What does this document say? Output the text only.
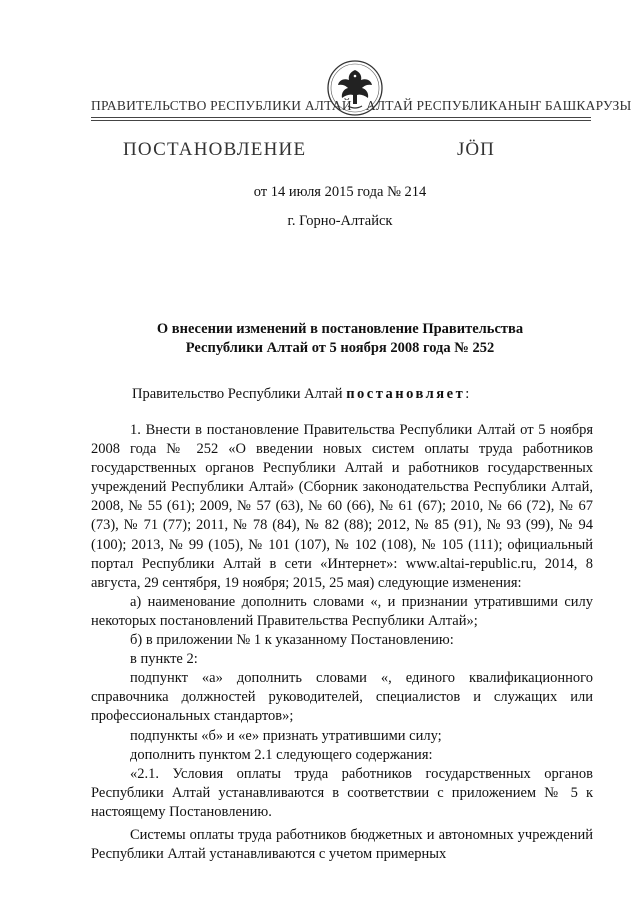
ПРАВИТЕЛЬСТВО РЕСПУБЛИКИ АЛТАЙ АЛТАЙ РЕСПУБЛИКАНЫҤ БАШКАРУЗЫ
ПОСТАНОВЛЕНИЕ	JÖП
от 14 июля 2015 года № 214
г. Горно-Алтайск
О внесении изменений в постановление Правительства
Республики Алтай от 5 ноября 2008 года № 252
Правительство Республики Алтай постановляет:

1. Внести в постановление Правительства Республики Алтай от 5 ноября 2008 года № 252 «О введении новых систем оплаты труда работников государственных органов Республики Алтай и работников государственных учреждений Республики Алтай» (Сборник законодательства Республики Алтай, 2008, № 55 (61); 2009, № 57 (63), № 60 (66), № 61 (67); 2010, № 66 (72), № 67 (73), № 71 (77); 2011, № 78 (84), № 82 (88); 2012, № 85 (91), № 93 (99), № 94 (100); 2013, № 99 (105), № 101 (107), № 102 (108), № 105 (111); официальный портал Республики Алтай в сети «Интернет»: www.altai-republic.ru, 2014, 8 августа, 29 сентября, 19 ноября; 2015, 25 мая) следующие изменения:

а) наименование дополнить словами «, и признании утратившими силу некоторых постановлений Правительства Республики Алтай»;

б) в приложении № 1 к указанному Постановлению:

в пункте 2:

подпункт «а» дополнить словами «, единого квалификационного справочника должностей руководителей, специалистов и служащих или профессиональных стандартов»;

подпункты «б» и «е» признать утратившими силу;

дополнить пунктом 2.1 следующего содержания:

«2.1. Условия оплаты труда работников государственных органов Республики Алтай устанавливаются в соответствии с приложением № 5 к настоящему Постановлению.

Системы оплаты труда работников бюджетных и автономных учреждений Республики Алтай устанавливаются с учетом примерных
